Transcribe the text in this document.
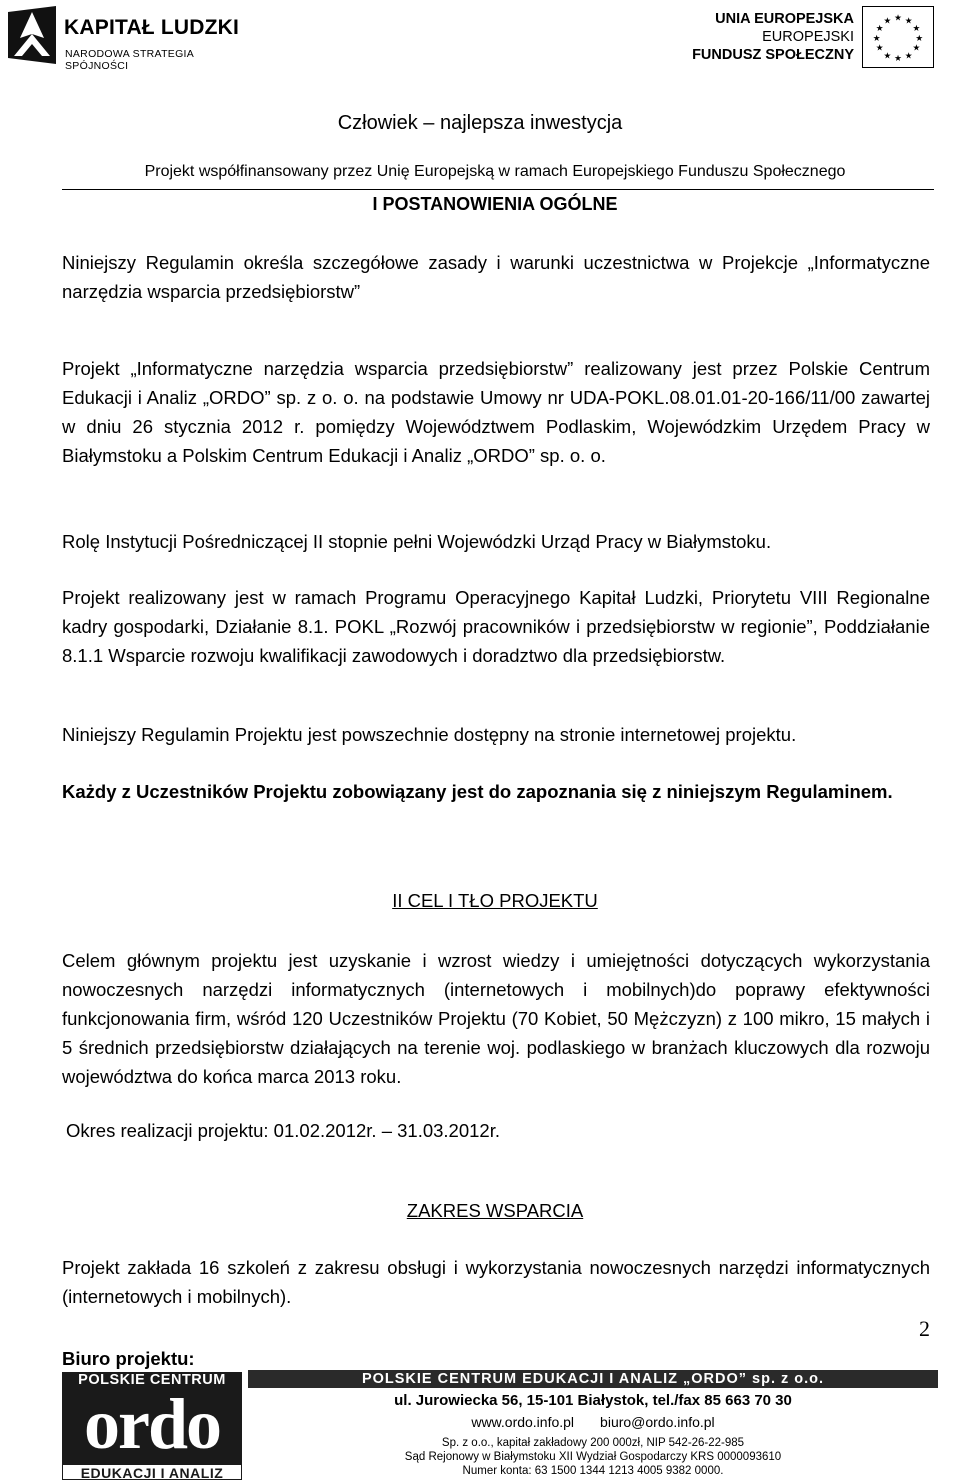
KAPITAŁ LUDZKI
NARODOWA STRATEGIA SPÓJNOŚCI
UNIA EUROPEJSKA
EUROPEJSKI
FUNDUSZ SPOŁECZNY
★ ★
★
★
★
★
★
★
★
★
★
★
Człowiek – najlepsza inwestycja
Projekt współfinansowany przez Unię Europejską w ramach Europejskiego Funduszu Społecznego
I POSTANOWIENIA OGÓLNE

Niniejszy Regulamin określa szczegółowe zasady i warunki uczestnictwa w Projekcje „Informatyczne narzędzia wsparcia przedsiębiorstw”

Projekt „Informatyczne narzędzia wsparcia przedsiębiorstw” realizowany jest przez Polskie Centrum Edukacji i Analiz „ORDO” sp. z o. o. na podstawie Umowy nr UDA-POKL.08.01.01-20-166/11/00 zawartej w dniu 26 stycznia 2012 r. pomiędzy Województwem Podlaskim, Wojewódzkim Urzędem Pracy w Białymstoku a Polskim Centrum Edukacji i Analiz „ORDO” sp. o. o.

Rolę Instytucji Pośredniczącej II stopnie pełni Wojewódzki Urząd Pracy w Białymstoku.

Projekt realizowany jest w ramach Programu Operacyjnego Kapitał Ludzki, Priorytetu VIII Regionalne kadry gospodarki, Działanie 8.1. POKL „Rozwój pracowników i przedsiębiorstw w regionie”, Poddziałanie 8.1.1 Wsparcie rozwoju kwalifikacji zawodowych i doradztwo dla przedsiębiorstw.

Niniejszy Regulamin Projektu jest powszechnie dostępny na stronie internetowej projektu.

Każdy z Uczestników Projektu zobowiązany jest do zapoznania się z niniejszym Regulaminem.

II CEL I TŁO PROJEKTU

Celem głównym projektu jest uzyskanie i wzrost wiedzy i umiejętności dotyczących wykorzystania nowoczesnych narzędzi informatycznych (internetowych i mobilnych)do poprawy efektywności funkcjonowania firm, wśród 120 Uczestników Projektu (70 Kobiet, 50 Mężczyzn) z 100 mikro, 15 małych i 5 średnich przedsiębiorstw działających na terenie woj. podlaskiego w branżach kluczowych dla rozwoju województwa do końca marca 2013 roku.

Okres realizacji projektu: 01.02.2012r. – 31.03.2012r.

ZAKRES WSPARCIA

Projekt zakłada 16 szkoleń z zakresu obsługi i wykorzystania nowoczesnych narzędzi informatycznych (internetowych i mobilnych).

2
Biuro projektu:
POLSKIE CENTRUM
ordo
EDUKACJI I ANALIZ
POLSKIE CENTRUM EDUKACJI I ANALIZ „ORDO” sp. z o.o.
ul. Jurowiecka 56, 15-101 Białystok, tel./fax 85 663 70 30
www.ordo.info.pl biuro@ordo.info.pl
Sp. z o.o., kapitał zakładowy 200 000zł, NIP 542-26-22-985
Sąd Rejonowy w Białymstoku XII Wydział Gospodarczy KRS 0000093610
Numer konta: 63 1500 1344 1213 4005 9382 0000.
